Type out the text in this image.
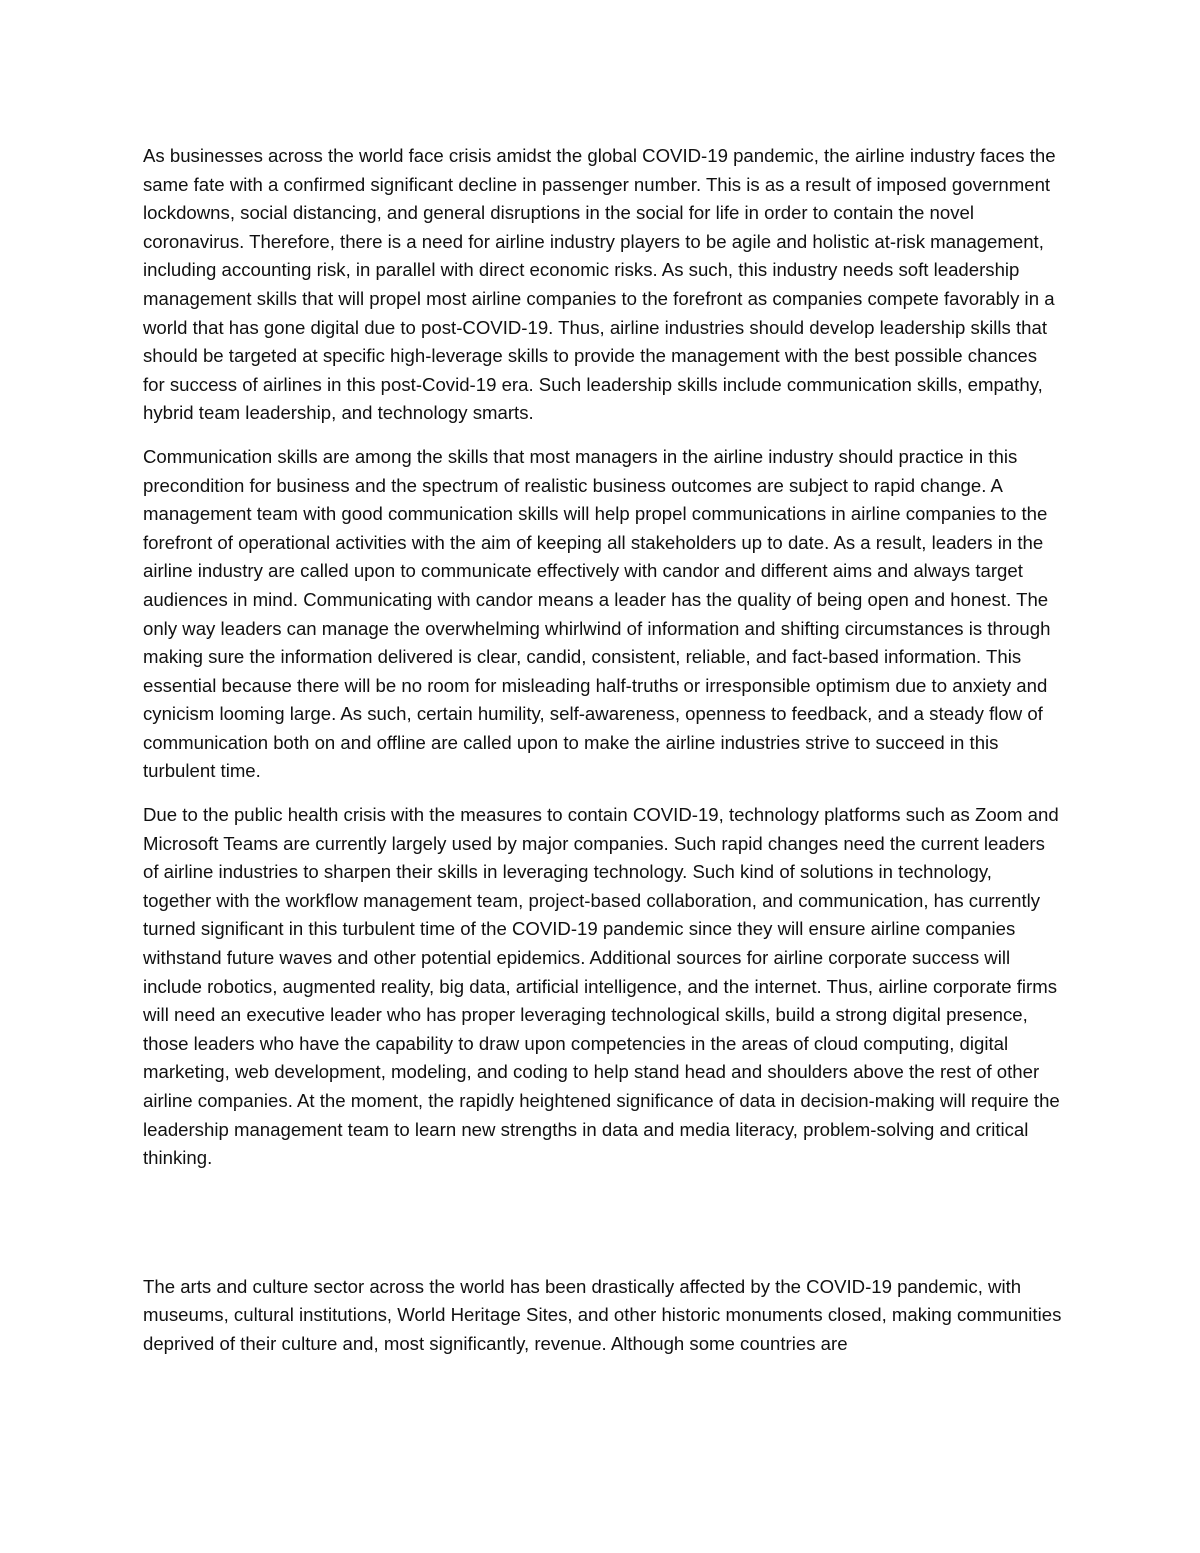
As businesses across the world face crisis amidst the global COVID-19 pandemic, the airline industry faces the same fate with a confirmed significant decline in passenger number. This is as a result of imposed government lockdowns, social distancing, and general disruptions in the social for life in order to contain the novel coronavirus. Therefore, there is a need for airline industry players to be agile and holistic at-risk management, including accounting risk, in parallel with direct economic risks. As such, this industry needs soft leadership management skills that will propel most airline companies to the forefront as companies compete favorably in a world that has gone digital due to post-COVID-19. Thus, airline industries should develop leadership skills that should be targeted at specific high-leverage skills to provide the management with the best possible chances for success of airlines in this post-Covid-19 era. Such leadership skills include communication skills, empathy, hybrid team leadership, and technology smarts.

Communication skills are among the skills that most managers in the airline industry should practice in this precondition for business and the spectrum of realistic business outcomes are subject to rapid change. A management team with good communication skills will help propel communications in airline companies to the forefront of operational activities with the aim of keeping all stakeholders up to date. As a result, leaders in the airline industry are called upon to communicate effectively with candor and different aims and always target audiences in mind. Communicating with candor means a leader has the quality of being open and honest. The only way leaders can manage the overwhelming whirlwind of information and shifting circumstances is through making sure the information delivered is clear, candid, consistent, reliable, and fact-based information. This essential because there will be no room for misleading half-truths or irresponsible optimism due to anxiety and cynicism looming large. As such, certain humility, self-awareness, openness to feedback, and a steady flow of communication both on and offline are called upon to make the airline industries strive to succeed in this turbulent time.

Due to the public health crisis with the measures to contain COVID-19, technology platforms such as Zoom and Microsoft Teams are currently largely used by major companies. Such rapid changes need the current leaders of airline industries to sharpen their skills in leveraging technology. Such kind of solutions in technology, together with the workflow management team, project-based collaboration, and communication, has currently turned significant in this turbulent time of the COVID-19 pandemic since they will ensure airline companies withstand future waves and other potential epidemics. Additional sources for airline corporate success will include robotics, augmented reality, big data, artificial intelligence, and the internet. Thus, airline corporate firms will need an executive leader who has proper leveraging technological skills, build a strong digital presence, those leaders who have the capability to draw upon competencies in the areas of cloud computing, digital marketing, web development, modeling, and coding to help stand head and shoulders above the rest of other airline companies. At the moment, the rapidly heightened significance of data in decision-making will require the leadership management team to learn new strengths in data and media literacy, problem-solving and critical thinking.

The arts and culture sector across the world has been drastically affected by the COVID-19 pandemic, with museums, cultural institutions, World Heritage Sites, and other historic monuments closed, making communities deprived of their culture and, most significantly, revenue. Although some countries are
